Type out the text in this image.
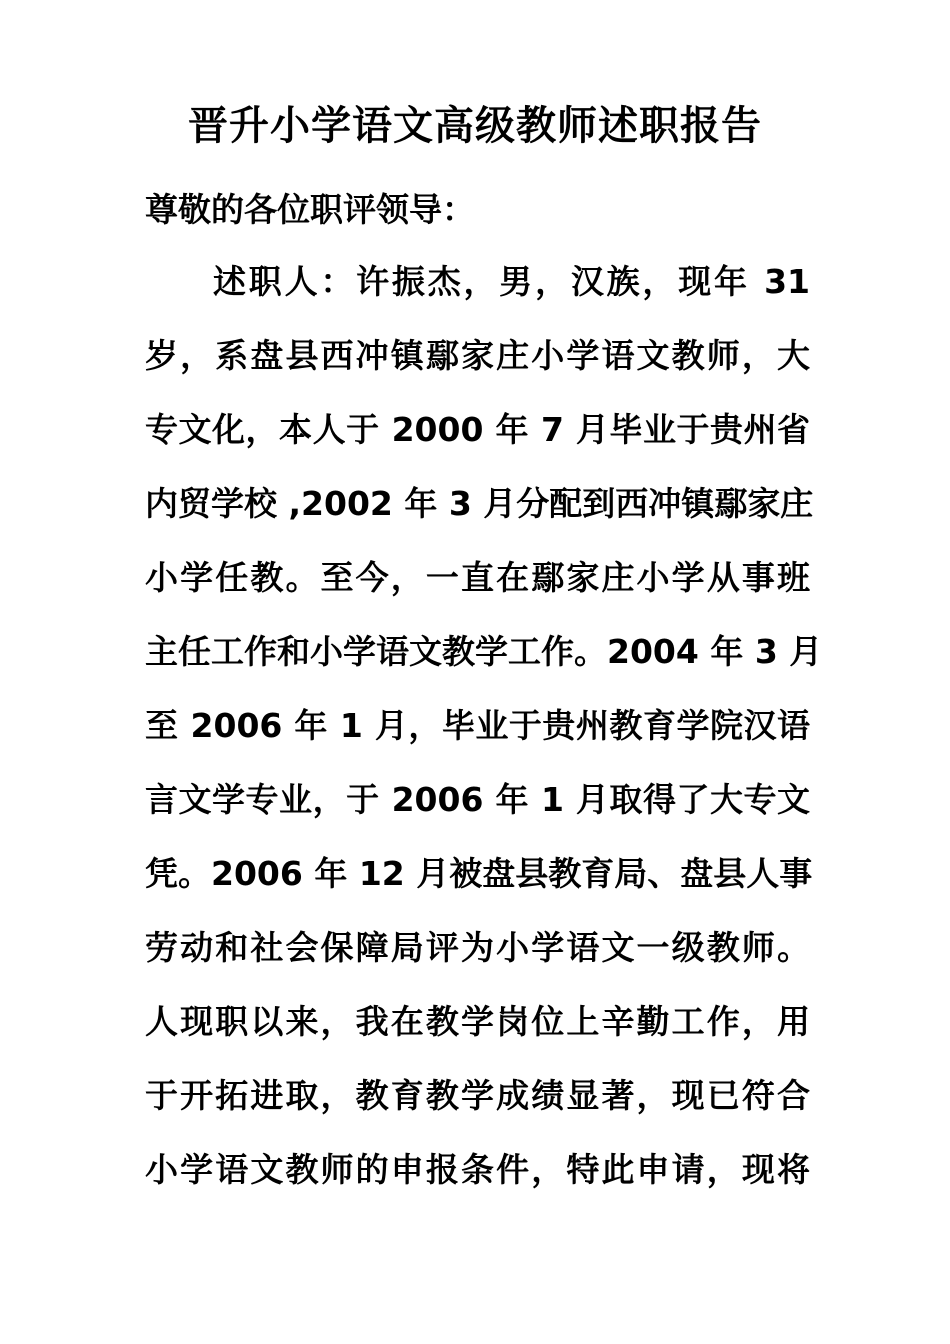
晋升小学语文高级教师述职报告
尊敬的各位职评领导：
述职人：许振杰，男，汉族，现年 31
岁，系盘县西冲镇鄢家庄小学语文教师，大
专文化，本人于 2000 年 7 月毕业于贵州省
内贸学校 ,2002 年 3 月分配到西冲镇鄢家庄
小学任教。至今，一直在鄢家庄小学从事班
主任工作和小学语文教学工作。2004 年 3 月
至 2006 年 1 月，毕业于贵州教育学院汉语
言文学专业，于 2006 年 1 月取得了大专文
凭。2006 年 12 月被盘县教育局、盘县人事
劳动和社会保障局评为小学语文一级教师。
人现职以来，我在教学岗位上辛勤工作，用
于开拓进取，教育教学成绩显著，现已符合
小学语文教师的申报条件，特此申请，现将
